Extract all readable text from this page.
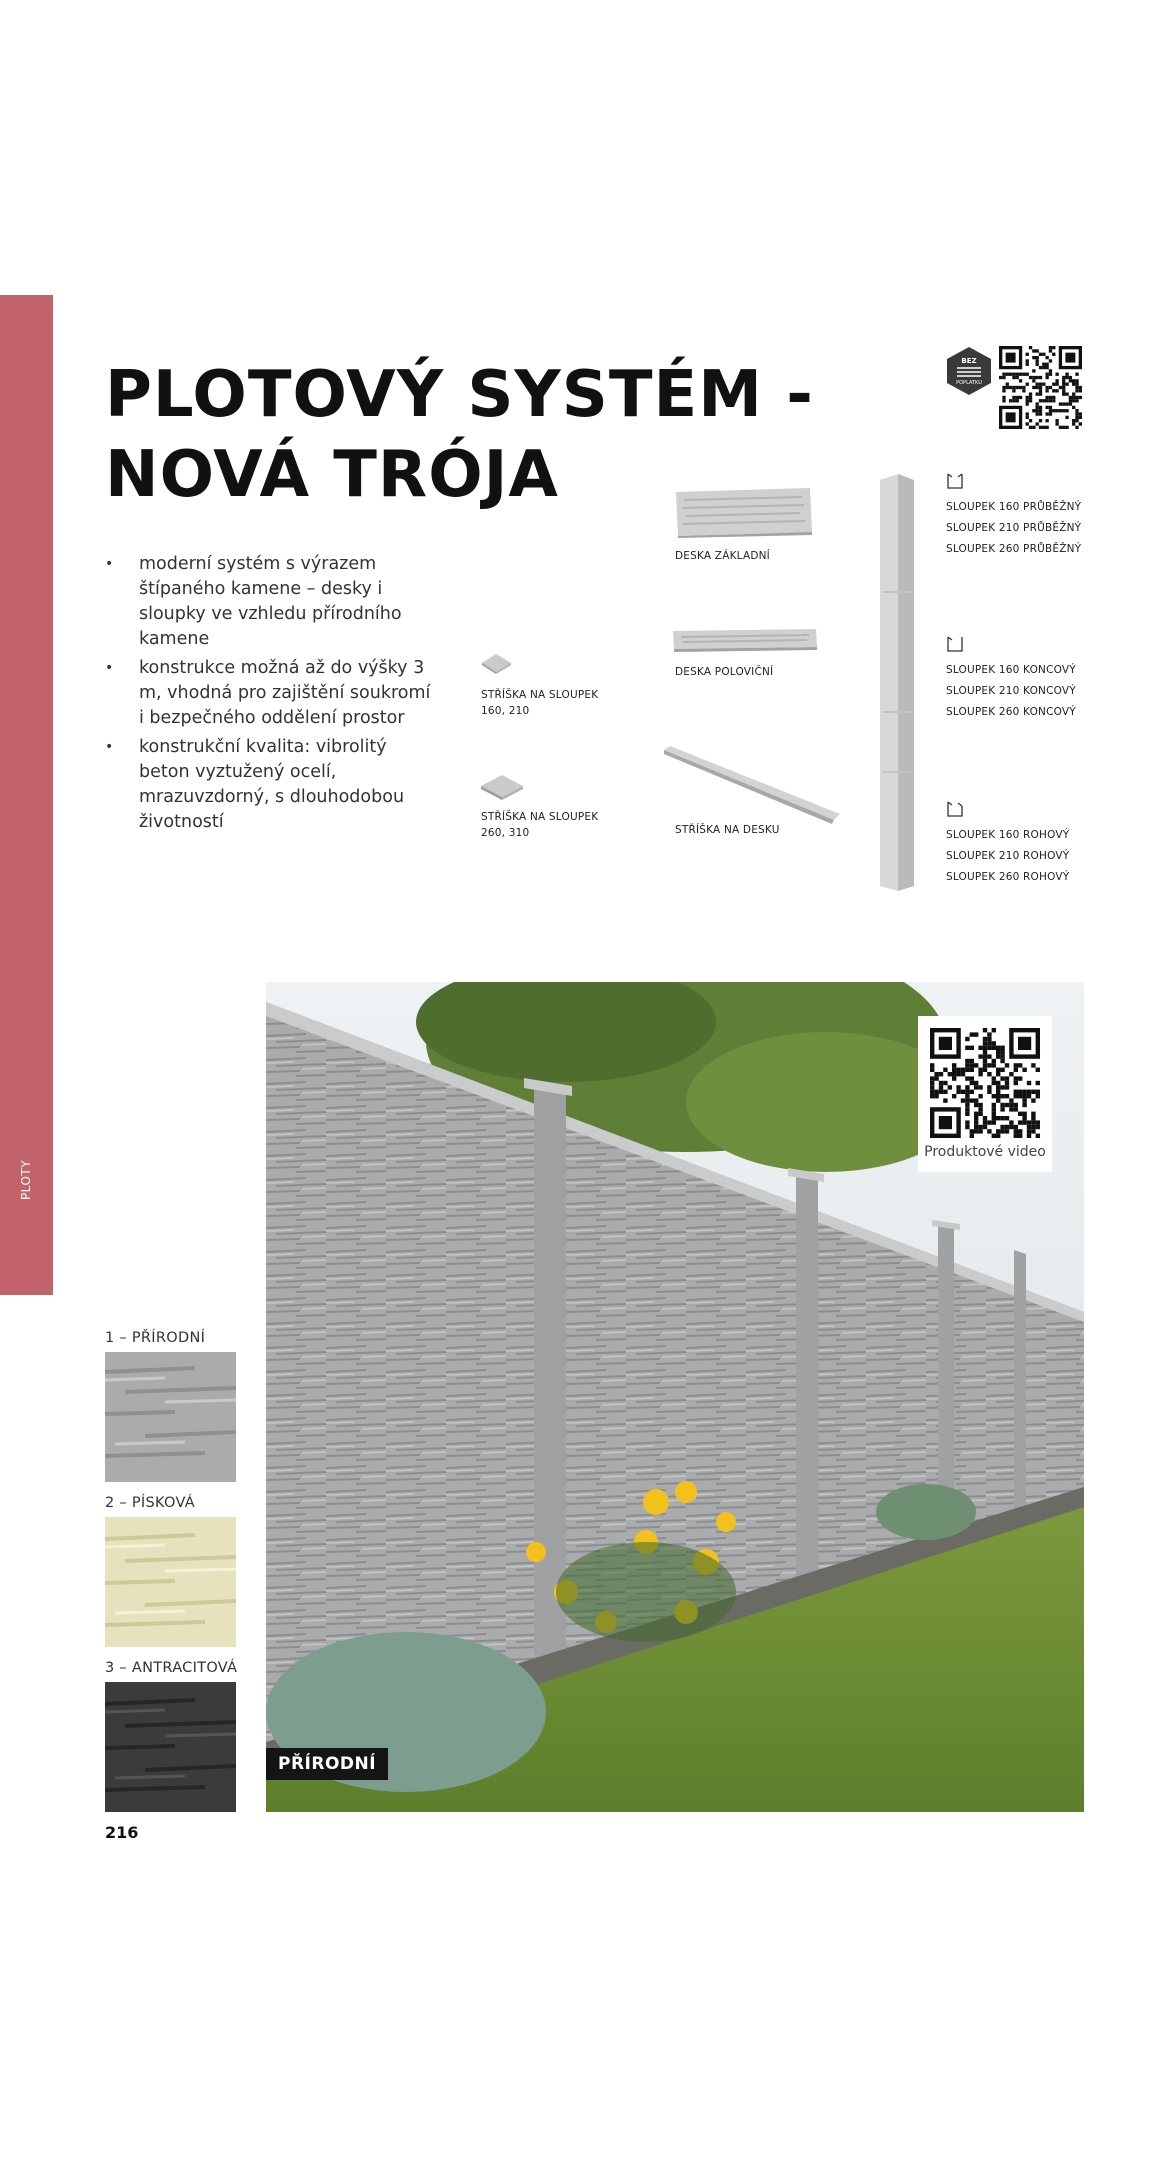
PLOTY
PLOTOVÝ SYSTÉM -
NOVÁ TRÓJA
• moderní systém s výrazem štípaného kamene – desky i sloupky ve vzhledu přírodního kamene
• konstrukce možná až do výšky 3 m, vhodná pro zajištění soukromí i bezpečného oddělení prostor
• konstrukční kvalita: vibrolitý beton vyztužený ocelí, mrazuvzdorný, s dlouhodobou životností
BEZ
POPLATKU
STŘÍŠKA NA SLOUPEK
160, 210
STŘÍŠKA NA SLOUPEK
260, 310
DESKA ZÁKLADNÍ
DESKA POLOVIČNÍ
STŘÍŠKA NA DESKU
SLOUPEK 160 PRŮBĚŽNÝ
SLOUPEK 210 PRŮBĚŽNÝ
SLOUPEK 260 PRŮBĚŽNÝ
SLOUPEK 160 KONCOVÝ
SLOUPEK 210 KONCOVÝ
SLOUPEK 260 KONCOVÝ
SLOUPEK 160 ROHOVÝ
SLOUPEK 210 ROHOVÝ
SLOUPEK 260 ROHOVÝ
Produktové video
PŘÍRODNÍ
1 – PŘÍRODNÍ
2 – PÍSKOVÁ
3 – ANTRACITOVÁ
216
